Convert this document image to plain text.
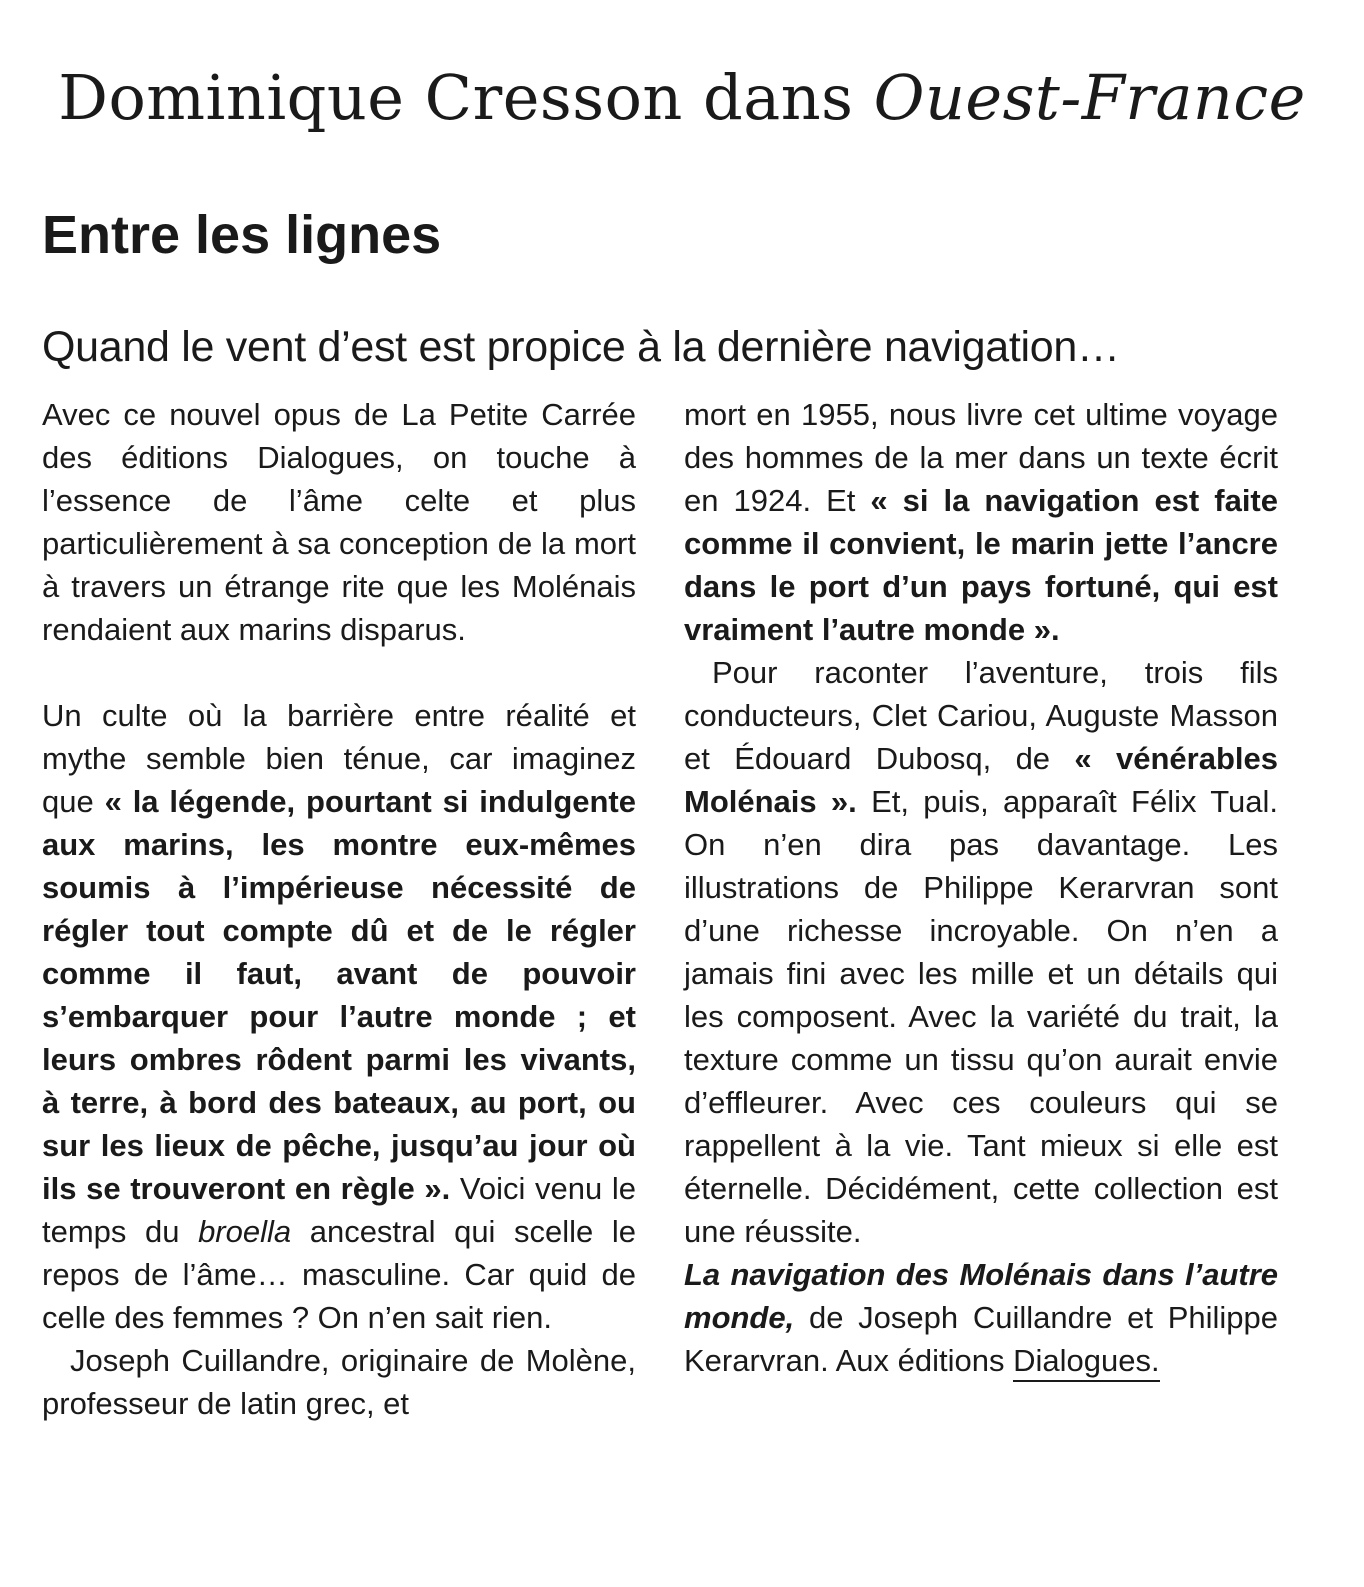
Dominique Cresson dans Ouest-France
Entre les lignes
Quand le vent d’est est propice à la dernière navigation…

Avec ce nouvel opus de La Petite Carrée des éditions Dialogues, on touche à l’essence de l’âme celte et plus particulièrement à sa conception de la mort à travers un étrange rite que les Molénais rendaient aux marins disparus.

Un culte où la barrière entre réalité et mythe semble bien ténue, car imaginez que « la légende, pourtant si indulgente aux marins, les montre eux-mêmes soumis à l’impérieuse nécessité de régler tout compte dû et de le régler comme il faut, avant de pouvoir s’embarquer pour l’autre monde ; et leurs ombres rôdent parmi les vivants, à terre, à bord des bateaux, au port, ou sur les lieux de pêche, jusqu’au jour où ils se trouveront en règle ». Voici venu le temps du broella ancestral qui scelle le repos de l’âme… masculine. Car quid de celle des femmes ? On n’en sait rien.

Joseph Cuillandre, originaire de Molène, professeur de latin grec, et

mort en 1955, nous livre cet ultime voyage des hommes de la mer dans un texte écrit en 1924. Et « si la navigation est faite comme il convient, le marin jette l’ancre dans le port d’un pays fortuné, qui est vraiment l’autre monde ».

Pour raconter l’aventure, trois fils conducteurs, Clet Cariou, Auguste Masson et Édouard Dubosq, de « vénérables Molénais ». Et, puis, apparaît Félix Tual. On n’en dira pas davantage. Les illustrations de Philippe Kerarvran sont d’une richesse incroyable. On n’en a jamais fini avec les mille et un détails qui les composent. Avec la variété du trait, la texture comme un tissu qu’on aurait envie d’effleurer. Avec ces couleurs qui se rappellent à la vie. Tant mieux si elle est éternelle. Décidément, cette collection est une réussite.

La navigation des Molénais dans l’autre monde, de Joseph Cuillandre et Philippe Kerarvran. Aux éditions Dialogues.
